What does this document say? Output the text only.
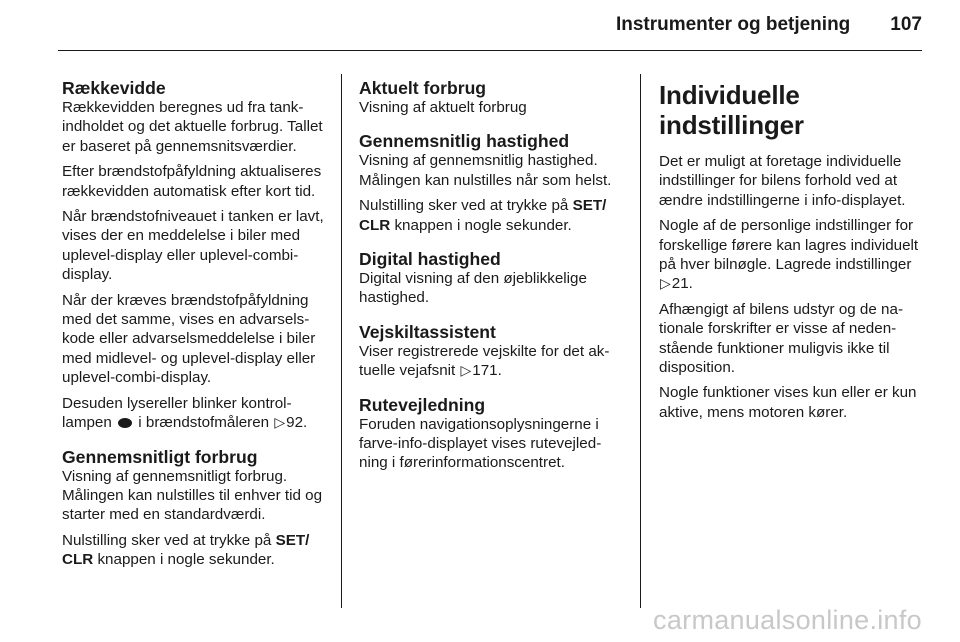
Instrumenter og betjening 107
Rækkevidde

Rækkevidden beregnes ud fra tankindholdet og det aktuelle forbrug. Tallet er baseret på gennemsnitsværdier.

Efter brændstofpåfyldning aktualiseres rækkevidden automatisk efter kort tid.

Når brændstofniveauet i tanken er lavt, vises der en meddelelse i biler med uplevel-display eller uplevel-combi-display.

Når der kræves brændstofpåfyldning med det samme, vises en advarselskode eller advarselsmeddelelse i biler med midlevel- og uplevel-display eller uplevel-combi-display.

Desuden lysereller blinker kontrollampen i brændstofmåleren ▷92.

Gennemsnitligt forbrug

Visning af gennemsnitligt forbrug. Målingen kan nulstilles til enhver tid og starter med en standardværdi.

Nulstilling sker ved at trykke på SET/ CLR knappen i nogle sekunder.

Aktuelt forbrug

Visning af aktuelt forbrug

Gennemsnitlig hastighed

Visning af gennemsnitlig hastighed. Målingen kan nulstilles når som helst.

Nulstilling sker ved at trykke på SET/ CLR knappen i nogle sekunder.

Digital hastighed

Digital visning af den øjeblikkelige hastighed.

Vejskiltassistent

Viser registrerede vejskilte for det aktuelle vejafsnit ▷171.

Rutevejledning

Foruden navigationsoplysningerne i farve-info-displayet vises rutevejledning i førerinformationscentret.

Individuelle indstillinger

Det er muligt at foretage individuelle indstillinger for bilens forhold ved at ændre indstillingerne i info-displayet.

Nogle af de personlige indstillinger for forskellige førere kan lagres individuelt på hver bilnøgle. Lagrede indstillinger ▷21.

Afhængigt af bilens udstyr og de nationale forskrifter er visse af nedenstående funktioner muligvis ikke til disposition.

Nogle funktioner vises kun eller er kun aktive, mens motoren kører.

carmanualsonline.info
